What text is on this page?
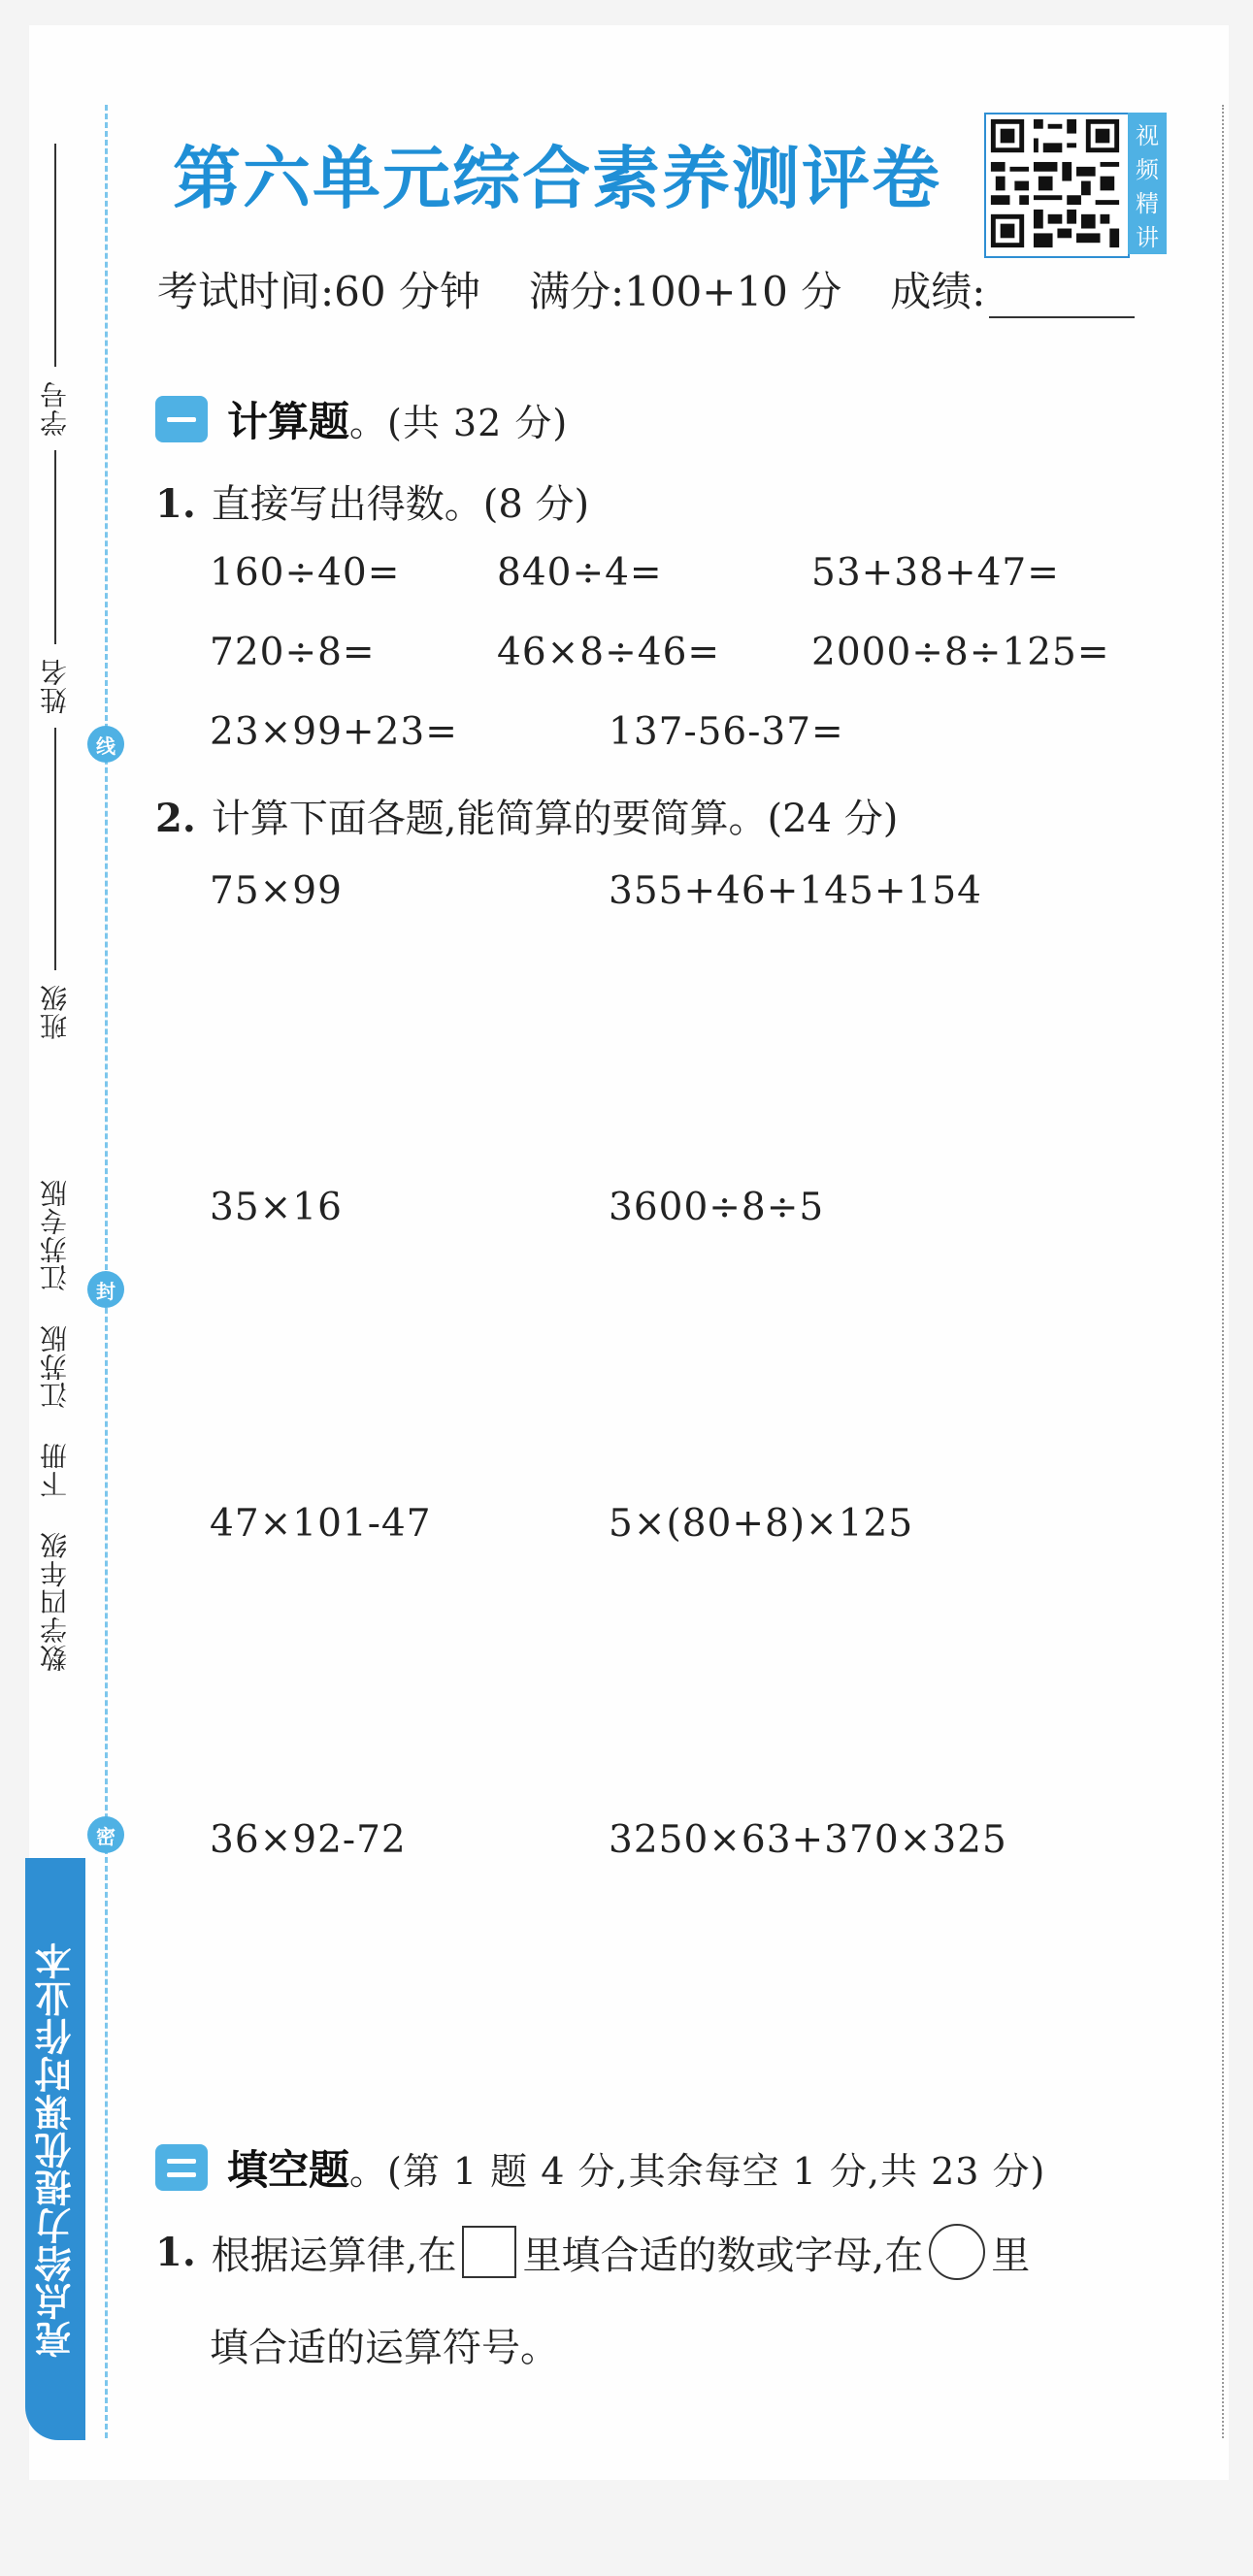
学号
姓名
班级
江苏专版
江苏版
下册
数学四年级
线
封
密
亮点给力提优课时作业本
第六单元综合素养测评卷
视
频
精
讲
考试时间:60 分钟 满分:100+10 分 成绩:
计算题 。(共 32 分)
1. 直接写出得数。(8 分)
160÷40=	840÷4=	53+38+47=
720÷8=	46×8÷46= 2000÷8÷125=
23×99+23=	137-56-37=
2. 计算下面各题,能简算的要简算。(24 分)
75×99	355+46+145+154
35×16	3600÷8÷5
47×101-47	5×(80+8)×125
36×92-72	3250×63+370×325
填空题 。(第 1 题 4 分,其余每空 1 分,共 23 分)
1. 根据运算律,在 里填合适的数或字母,在 里
填合适的运算符号。
